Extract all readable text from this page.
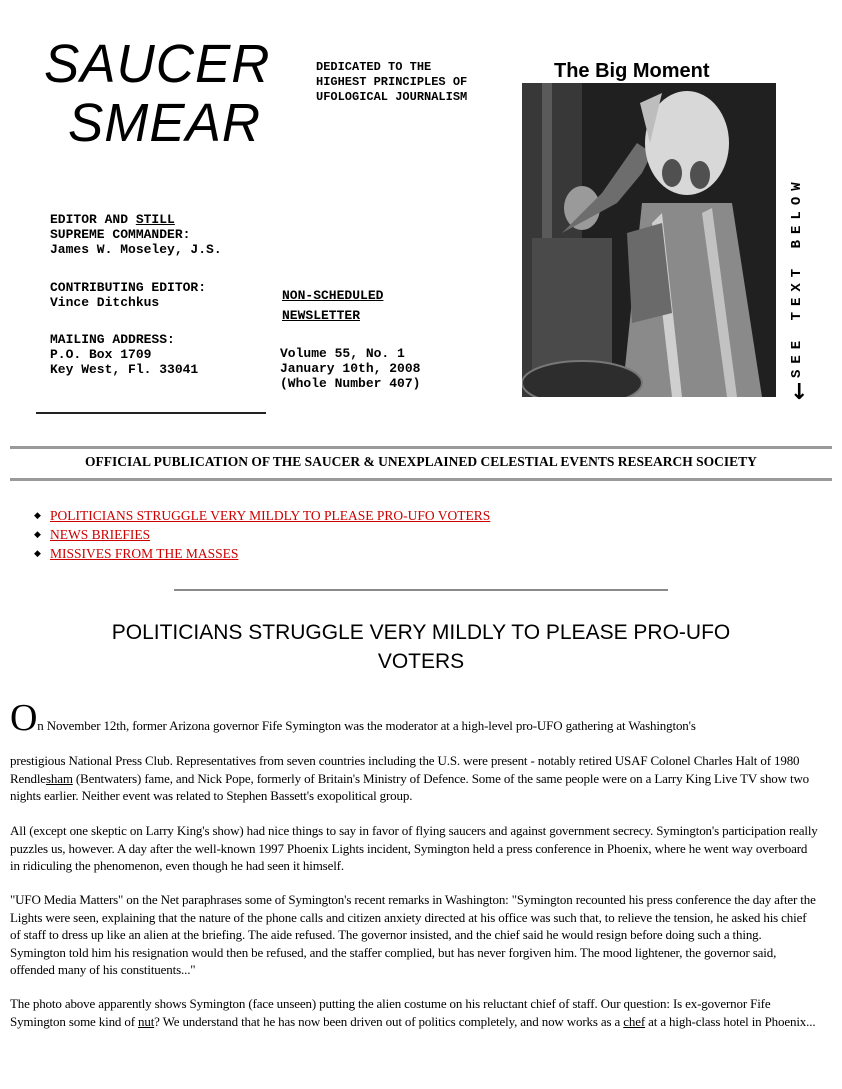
SAUCER
SMEAR
DEDICATED TO THE
HIGHEST PRINCIPLES OF
UFOLOGICAL JOURNALISM
EDITOR AND STILL
SUPREME COMMANDER:
James W. Moseley, J.S.
CONTRIBUTING EDITOR:
Vince Ditchkus
MAILING ADDRESS:
P.O. Box 1709
Key West, Fl. 33041
NON-SCHEDULED
NEWSLETTER
Volume 55, No. 1
January 10th, 2008
(Whole Number 407)
The Big Moment
SEE TEXT BELOW
↓
OFFICIAL PUBLICATION OF THE SAUCER & UNEXPLAINED CELESTIAL EVENTS RESEARCH SOCIETY
◆ POLITICIANS STRUGGLE VERY MILDLY TO PLEASE PRO-UFO VOTERS
◆ NEWS BRIEFIES
◆ MISSIVES FROM THE MASSES
POLITICIANS STRUGGLE VERY MILDLY TO PLEASE PRO-UFO
VOTERS
On November 12th, former Arizona governor Fife Symington was the moderator at a high-level pro-UFO gathering at Washington's
prestigious National Press Club. Representatives from seven countries including the U.S. were present - notably retired USAF Colonel Charles Halt of 1980 Rendlesham (Bentwaters) fame, and Nick Pope, formerly of Britain's Ministry of Defence. Some of the same people were on a Larry King Live TV show two nights earlier. Neither event was related to Stephen Bassett's exopolitical group.
All (except one skeptic on Larry King's show) had nice things to say in favor of flying saucers and against government secrecy. Symington's participation really puzzles us, however. A day after the well-known 1997 Phoenix Lights incident, Symington held a press conference in Phoenix, where he went way overboard in ridiculing the phenomenon, even though he had seen it himself.
"UFO Media Matters" on the Net paraphrases some of Symington's recent remarks in Washington: "Symington recounted his press conference the day after the Lights were seen, explaining that the nature of the phone calls and citizen anxiety directed at his office was such that, to relieve the tension, he asked his chief of staff to dress up like an alien at the briefing. The aide refused. The governor insisted, and the chief said he would resign before doing such a thing. Symington told him his resignation would then be refused, and the staffer complied, but has never forgiven him. The mood lightener, the governor said, offended many of his constituents..."
The photo above apparently shows Symington (face unseen) putting the alien costume on his reluctant chief of staff. Our question: Is ex-governor Fife Symington some kind of nut? We understand that he has now been driven out of politics completely, and now works as a chef at a high-class hotel in Phoenix...
